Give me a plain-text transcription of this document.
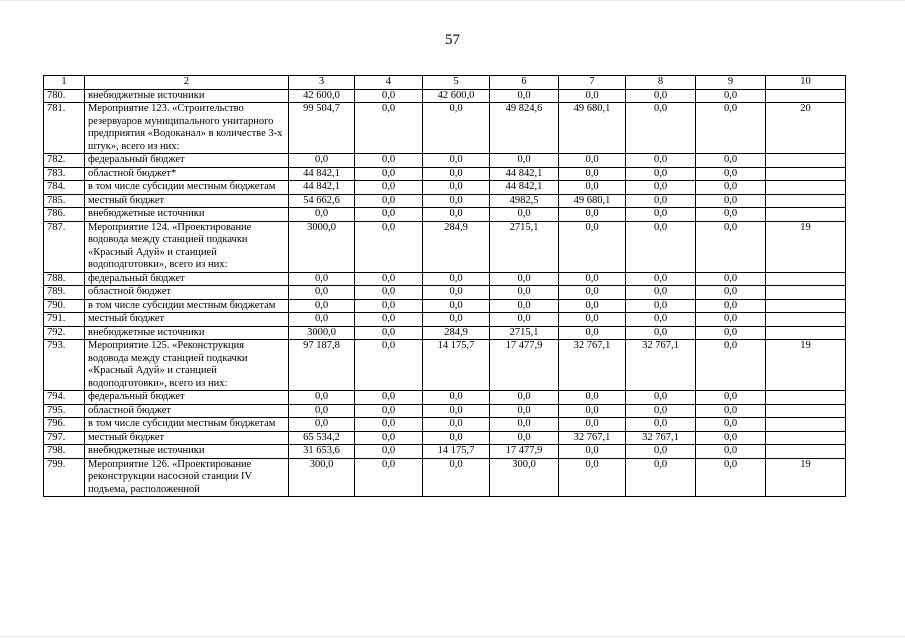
57
1	2	3	4	5	6	7	8	9	10
780.	внебюджетные источники	42 600,0	0,0	42 600,0	0,0	0,0	0,0	0,0	
781.	Мероприятие 123. «Строительство резервуаров муниципального унитарного предприятия «Водоканал» в количестве 3-х штук», всего из них:	99 504,7	0,0	0,0	49 824,6	49 680,1	0,0	0,0	20
782.	федеральный бюджет	0,0	0,0	0,0	0,0	0,0	0,0	0,0	
783.	областной бюджет*	44 842,1	0,0	0,0	44 842,1	0,0	0,0	0,0	
784.	в том числе субсидии местным бюджетам	44 842,1	0,0	0,0	44 842,1	0,0	0,0	0,0	
785.	местный бюджет	54 662,6	0,0	0,0	4982,5	49 680,1	0,0	0,0	
786.	внебюджетные источники	0,0	0,0	0,0	0,0	0,0	0,0	0,0	
787.	Мероприятие 124. «Проектирование водовода между станцией подкачки «Красный Адуй» и станцией водоподготовки», всего из них:	3000,0	0,0	284,9	2715,1	0,0	0,0	0,0	19
788.	федеральный бюджет	0,0	0,0	0,0	0,0	0,0	0,0	0,0	
789.	областной бюджет	0,0	0,0	0,0	0,0	0,0	0,0	0,0	
790.	в том числе субсидии местным бюджетам	0,0	0,0	0,0	0,0	0,0	0,0	0,0	
791.	местный бюджет	0,0	0,0	0,0	0,0	0,0	0,0	0,0	
792.	внебюджетные источники	3000,0	0,0	284,9	2715,1	0,0	0,0	0,0	
793.	Мероприятие 125. «Реконструкция водовода между станцией подкачки «Красный Адуй» и станцией водоподготовки», всего из них:	97 187,8	0,0	14 175,7	17 477,9	32 767,1	32 767,1	0,0	19
794.	федеральный бюджет	0,0	0,0	0,0	0,0	0,0	0,0	0,0	
795.	областной бюджет	0,0	0,0	0,0	0,0	0,0	0,0	0,0	
796.	в том числе субсидии местным бюджетам	0,0	0,0	0,0	0,0	0,0	0,0	0,0	
797.	местный бюджет	65 534,2	0,0	0,0	0,0	32 767,1	32 767,1	0,0	
798.	внебюджетные источники	31 653,6	0,0	14 175,7	17 477,9	0,0	0,0	0,0	
799.	Мероприятие 126. «Проектирование реконструкции насосной станции IV подъема, расположенной	300,0	0,0	0,0	300,0	0,0	0,0	0,0	19
